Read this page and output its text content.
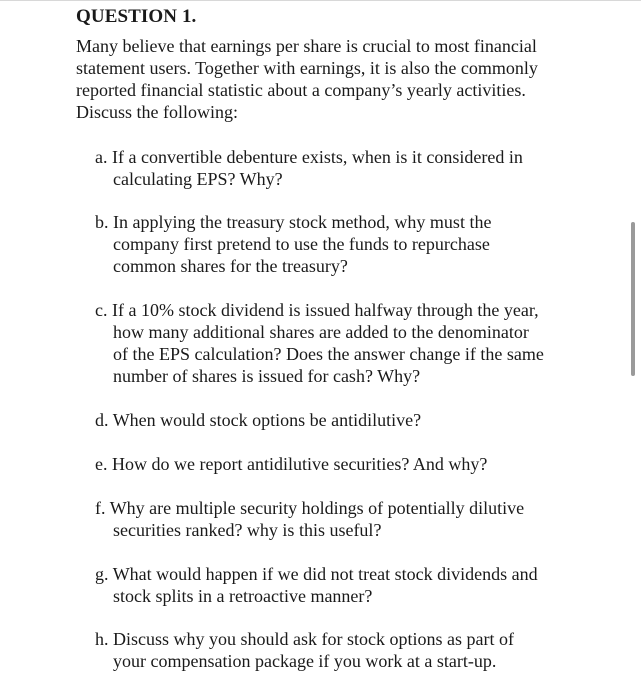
QUESTION 1.

Many believe that earnings per share is crucial to most financial
statement users. Together with earnings, it is also the commonly
reported financial statistic about a company’s yearly activities.
Discuss the following:

a. If a convertible debenture exists, when is it considered in
calculating EPS? Why?

b. In applying the treasury stock method, why must the
company first pretend to use the funds to repurchase
common shares for the treasury?

c. If a 10% stock dividend is issued halfway through the year,
how many additional shares are added to the denominator
of the EPS calculation? Does the answer change if the same
number of shares is issued for cash? Why?

d. When would stock options be antidilutive?

e. How do we report antidilutive securities? And why?

f. Why are multiple security holdings of potentially dilutive
securities ranked? why is this useful?

g. What would happen if we did not treat stock dividends and
stock splits in a retroactive manner?

h. Discuss why you should ask for stock options as part of
your compensation package if you work at a start-up.
